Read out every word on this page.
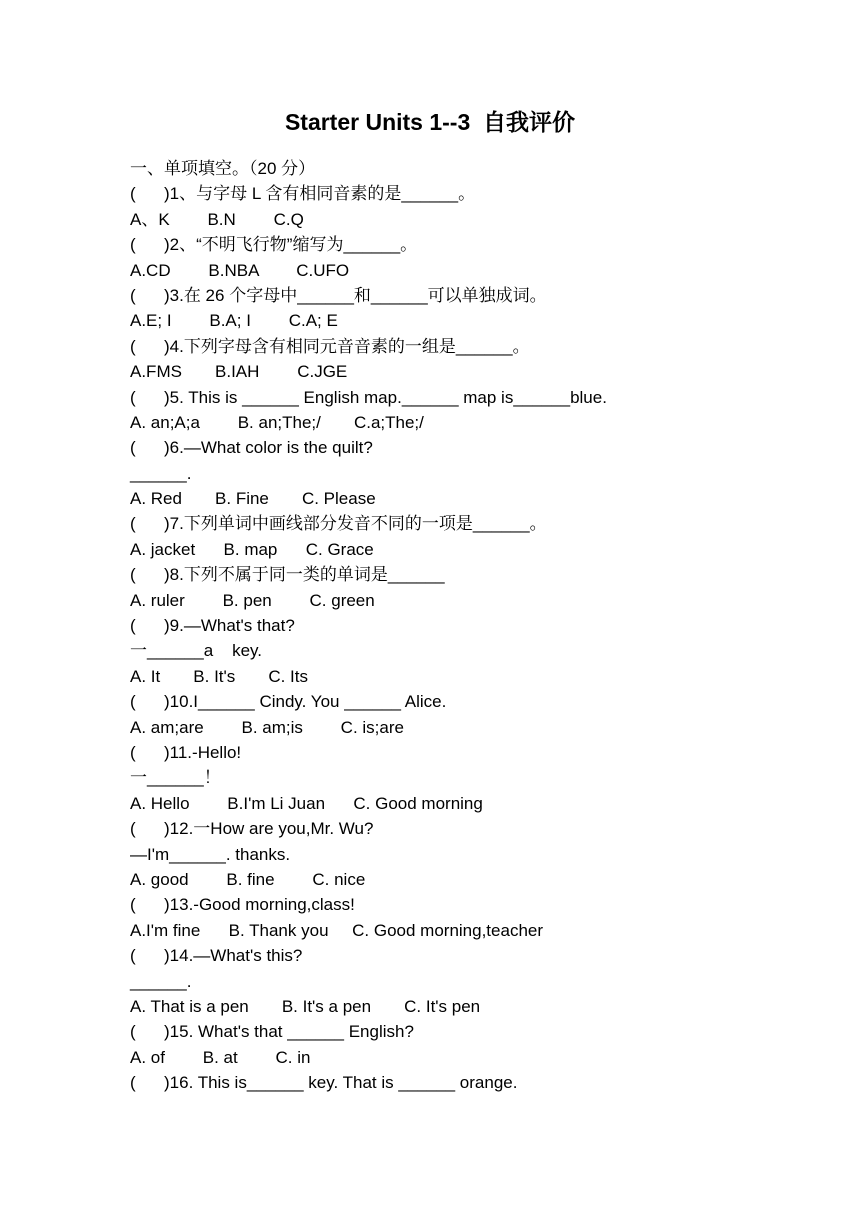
Starter Units 1--3  自我评价
一、单项填空。（20 分）
(      )1、与字母 L 含有相同音素的是______。
A、K        B.N        C.Q
(      )2、“不明飞行物”缩写为______。
A.CD        B.NBA        C.UFO
(      )3.在 26 个字母中______和______可以单独成词。
A.E; I        B.A; I        C.A; E
(      )4.下列字母含有相同元音音素的一组是______。
A.FMS       B.IAH        C.JGE
(      )5. This is ______ English map.______ map is______blue.
A. an;A;a        B. an;The;/       C.a;The;/
(      )6.—What color is the quilt?
______.
A. Red       B. Fine       C. Please
(      )7.下列单词中画线部分发音不同的一项是______。
A. jacket      B. map      C. Grace
(      )8.下列不属于同一类的单词是______
A. ruler        B. pen        C. green
(      )9.—What's that?
一______a    key.
A. It       B. It's       C. Its
(      )10.I______ Cindy. You ______ Alice.
A. am;are        B. am;is        C. is;are
(      )11.-Hello!
一______！
A. Hello        B.I'm Li Juan      C. Good morning
(      )12.一How are you,Mr. Wu?
—I'm______. thanks.
A. good        B. fine        C. nice
(      )13.-Good morning,class!
A.I'm fine      B. Thank you     C. Good morning,teacher
(      )14.—What's this?
______.
A. That is a pen       B. It's a pen       C. It's pen
(      )15. What's that ______ English?
A. of        B. at        C. in
(      )16. This is______ key. That is ______ orange.
